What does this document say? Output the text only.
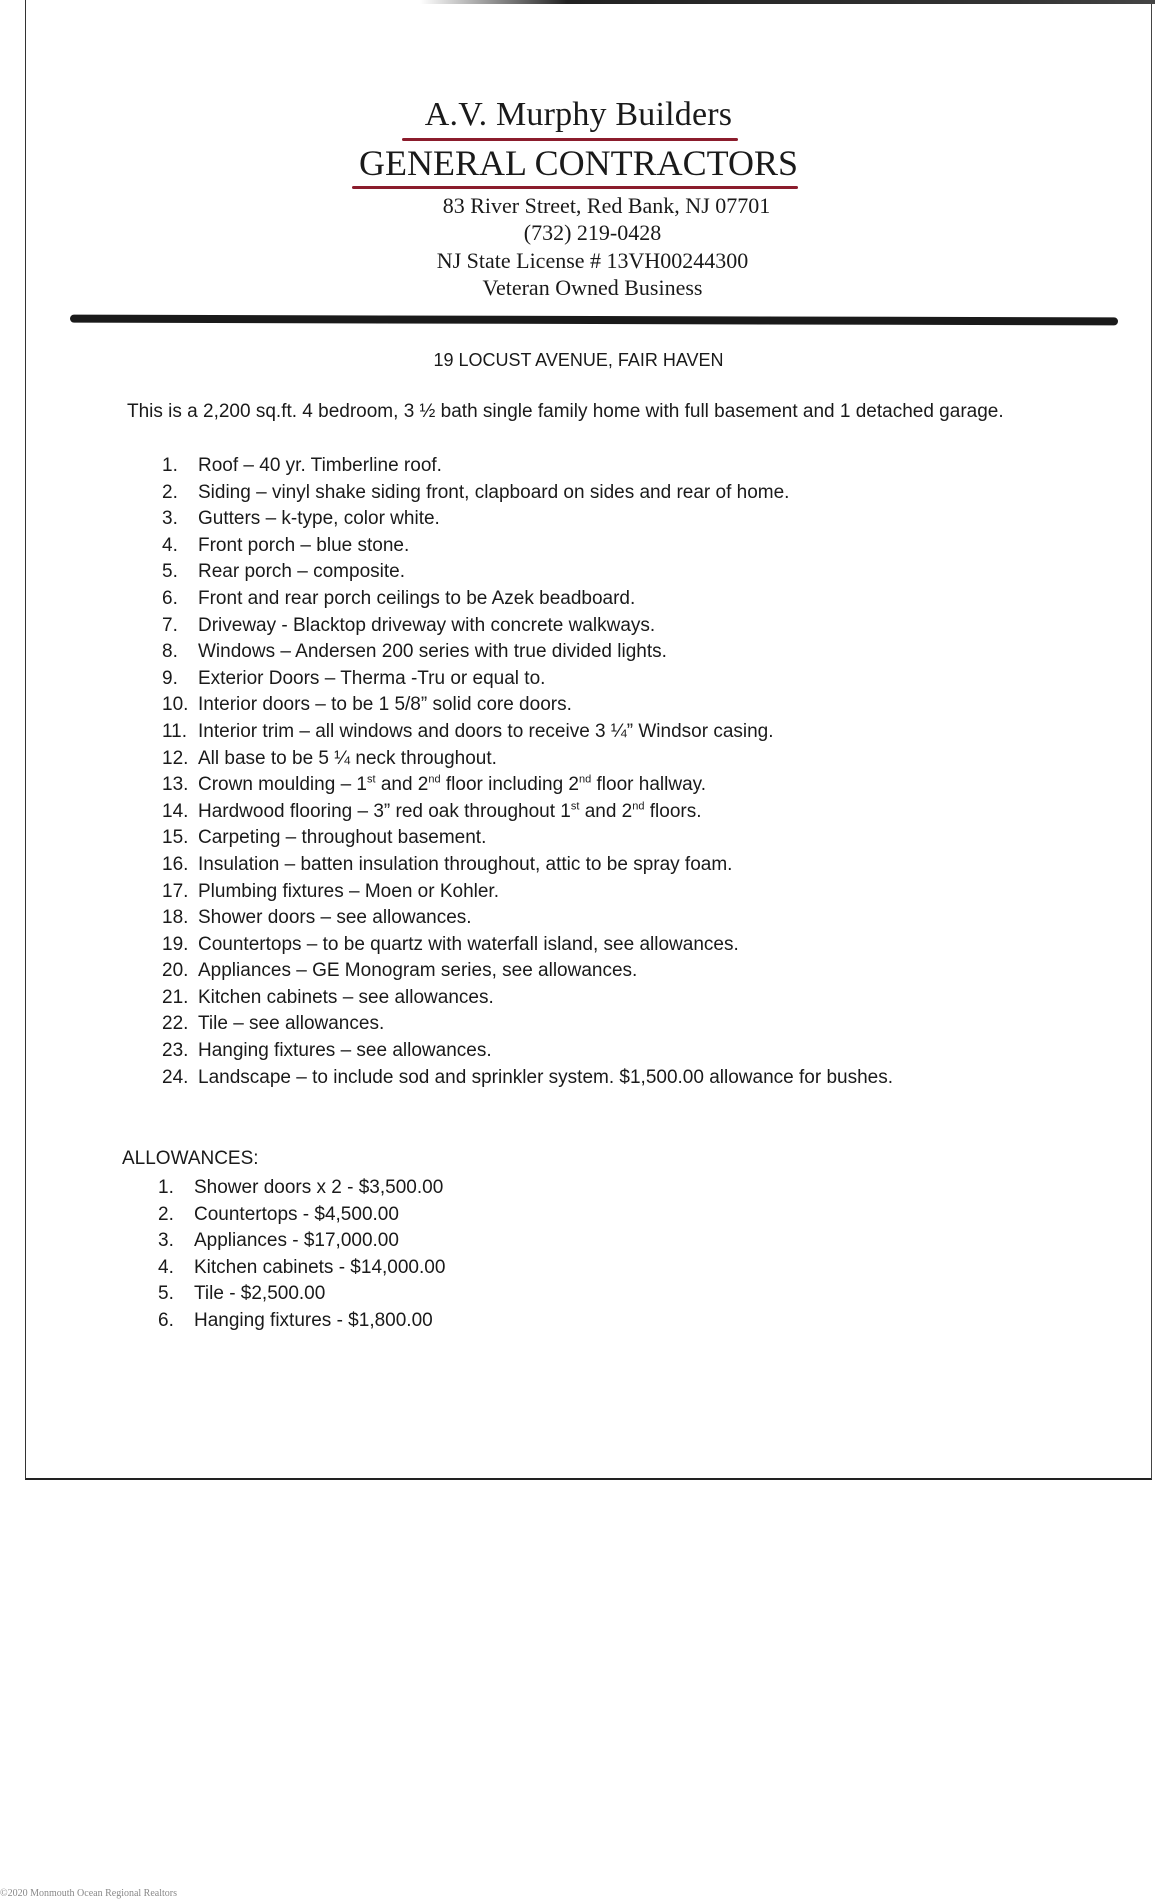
A.V. Murphy Builders
GENERAL CONTRACTORS
83 River Street, Red Bank, NJ 07701
(732) 219-0428
NJ State License # 13VH00244300
Veteran Owned Business
19 LOCUST AVENUE, FAIR HAVEN
This is a 2,200 sq.ft. 4 bedroom, 3 ½ bath single family home with full basement and 1 detached garage.
1. Roof – 40 yr. Timberline roof.
2. Siding – vinyl shake siding front, clapboard on sides and rear of home.
3. Gutters – k-type, color white.
4. Front porch – blue stone.
5. Rear porch – composite.
6. Front and rear porch ceilings to be Azek beadboard.
7. Driveway - Blacktop driveway with concrete walkways.
8. Windows – Andersen 200 series with true divided lights.
9. Exterior Doors – Therma -Tru or equal to.
10. Interior doors – to be 1 5/8” solid core doors.
11. Interior trim – all windows and doors to receive 3 ¼” Windsor casing.
12. All base to be 5 ¼ neck throughout.
13. Crown moulding – 1st and 2nd floor including 2nd floor hallway.
14. Hardwood flooring – 3” red oak throughout 1st and 2nd floors.
15. Carpeting – throughout basement.
16. Insulation – batten insulation throughout, attic to be spray foam.
17. Plumbing fixtures – Moen or Kohler.
18. Shower doors – see allowances.
19. Countertops – to be quartz with waterfall island, see allowances.
20. Appliances – GE Monogram series, see allowances.
21. Kitchen cabinets – see allowances.
22. Tile – see allowances.
23. Hanging fixtures – see allowances.
24. Landscape – to include sod and sprinkler system. $1,500.00 allowance for bushes.
ALLOWANCES:
1. Shower doors x 2 - $3,500.00
2. Countertops - $4,500.00
3. Appliances - $17,000.00
4. Kitchen cabinets - $14,000.00
5. Tile - $2,500.00
6. Hanging fixtures - $1,800.00
©2020 Monmouth Ocean Regional Realtors
